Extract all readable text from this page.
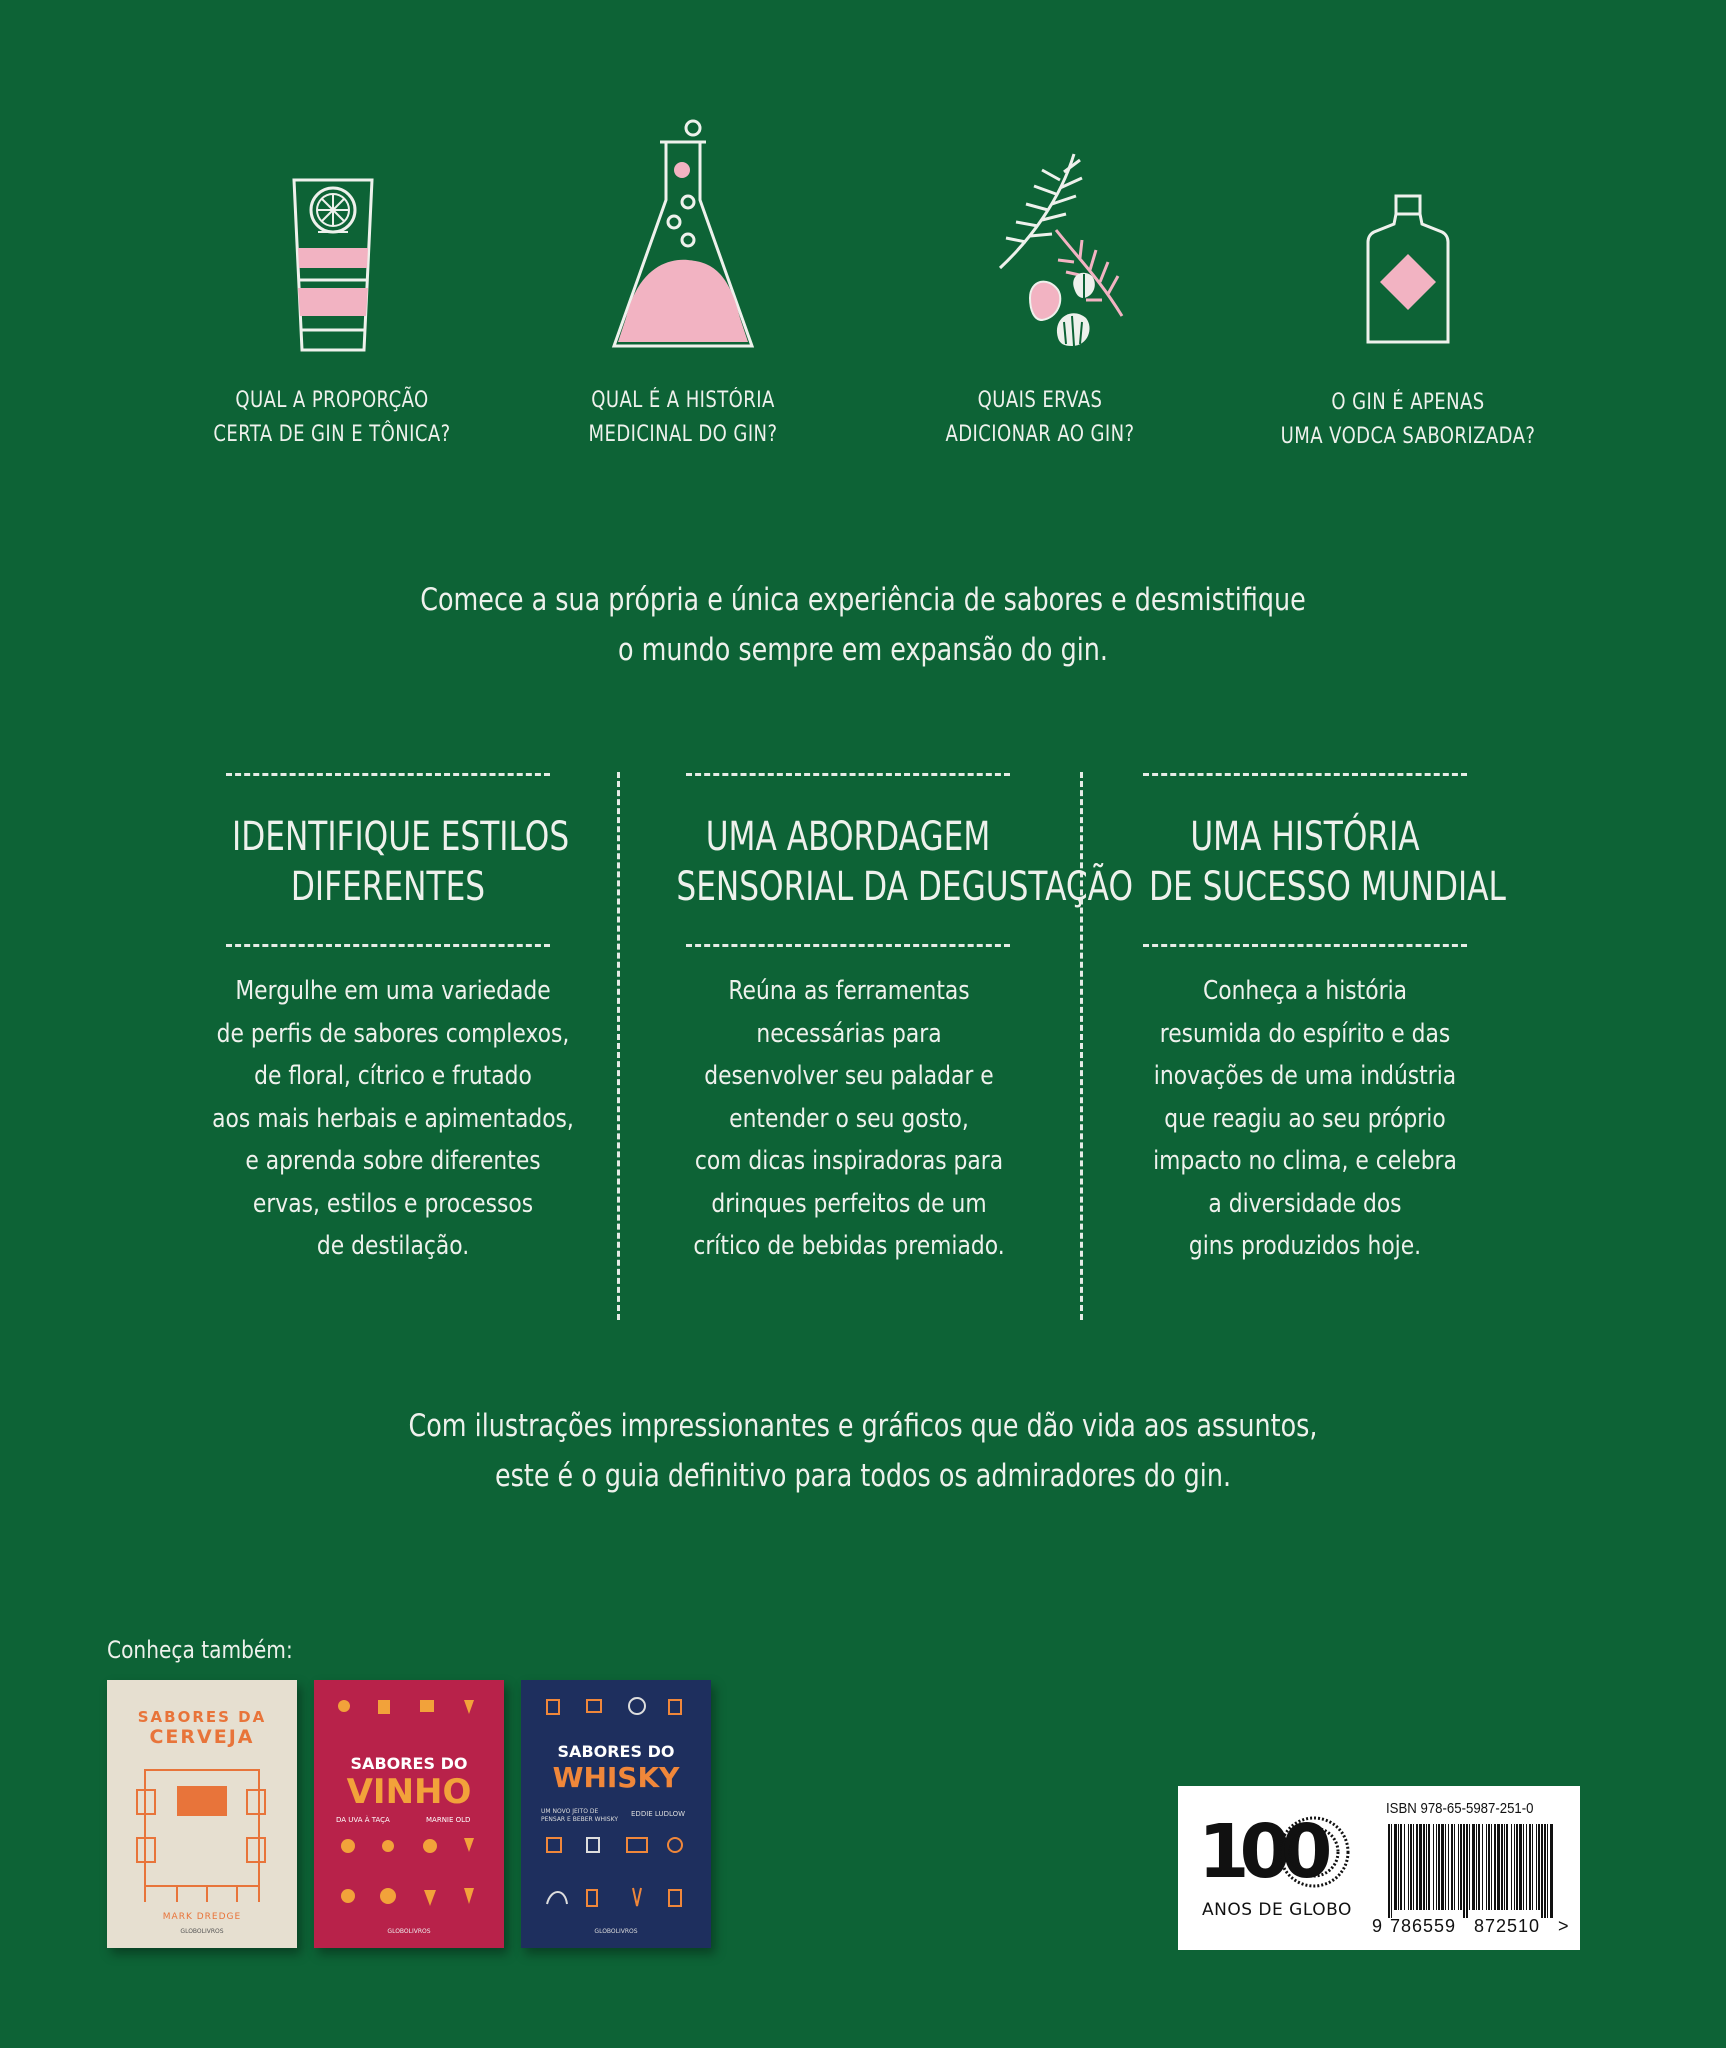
QUAL A PROPORÇÃO
CERTA DE GIN E TÔNICA?
QUAL É A HISTÓRIA
MEDICINAL DO GIN?
QUAIS ERVAS
ADICIONAR AO GIN?
O GIN É APENAS
UMA VODCA SABORIZADA?
Comece a sua própria e única experiência de sabores e desmistifique
o mundo sempre em expansão do gin.
IDENTIFIQUE ESTILOS
DIFERENTES
UMA ABORDAGEM
SENSORIAL DA DEGUSTAÇÃO
UMA HISTÓRIA
DE SUCESSO MUNDIAL
Mergulhe em uma variedade
de perfis de sabores complexos,
de floral, cítrico e frutado
aos mais herbais e apimentados,
e aprenda sobre diferentes
ervas, estilos e processos
de destilação.
Reúna as ferramentas
necessárias para
desenvolver seu paladar e
entender o seu gosto,
com dicas inspiradoras para
drinques perfeitos de um
crítico de bebidas premiado.
Conheça a história
resumida do espírito e das
inovações de uma indústria
que reagiu ao seu próprio
impacto no clima, e celebra
a diversidade dos
gins produzidos hoje.
Com ilustrações impressionantes e gráficos que dão vida aos assuntos,
este é o guia definitivo para todos os admiradores do gin.
Conheça também:
SABORES DA
CERVEJA
MARK DREDGE
GLOBOLIVROS
SABORES DO
VINHO
DA UVA À TAÇA	MARNIE OLD
GLOBOLIVROS
SABORES DO
WHISKY
UM NOVO JEITO DE PENSAR E BEBER WHISKY
EDDIE LUDLOW
GLOBOLIVROS
100
ANOS DE GLOBO
ISBN 978-65-5987-251-0
9 786559 872510 >
